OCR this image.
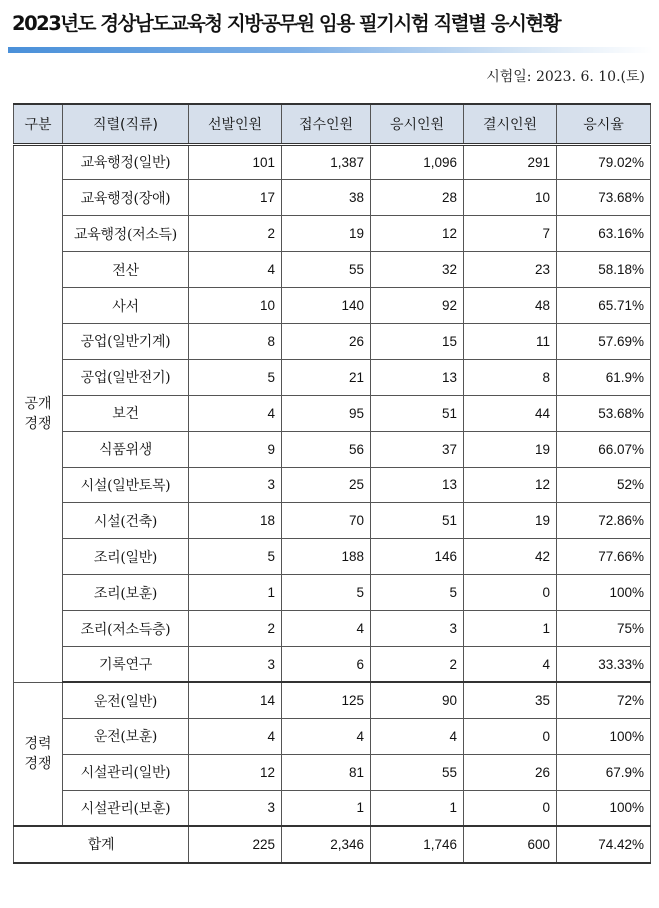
2023년도 경상남도교육청 지방공무원 임용 필기시험 직렬별 응시현황
시험일: 2023. 6. 10.(토)
구분	직렬(직류)	선발인원	접수인원	응시인원	결시인원	응시율

공개
경쟁	교육행정(일반)	101	1,387	1,096	291	79.02%
	교육행정(장애)	17	38	28	10	73.68%
	교육행정(저소득)	2	19	12	7	63.16%
	전산	4	55	32	23	58.18%
	사서	10	140	92	48	65.71%
	공업(일반기계)	8	26	15	11	57.69%
	공업(일반전기)	5	21	13	8	61.9%
	보건	4	95	51	44	53.68%
	식품위생	9	56	37	19	66.07%
	시설(일반토목)	3	25	13	12	52%
	시설(건축)	18	70	51	19	72.86%
	조리(일반)	5	188	146	42	77.66%
	조리(보훈)	1	5	5	0	100%
	조리(저소득층)	2	4	3	1	75%
	기록연구	3	6	2	4	33.33%

경력
경쟁	운전(일반)	14	125	90	35	72%
	운전(보훈)	4	4	4	0	100%
	시설관리(일반)	12	81	55	26	67.9%
	시설관리(보훈)	3	1	1	0	100%
합계		225	2,346	1,746	600	74.42%
